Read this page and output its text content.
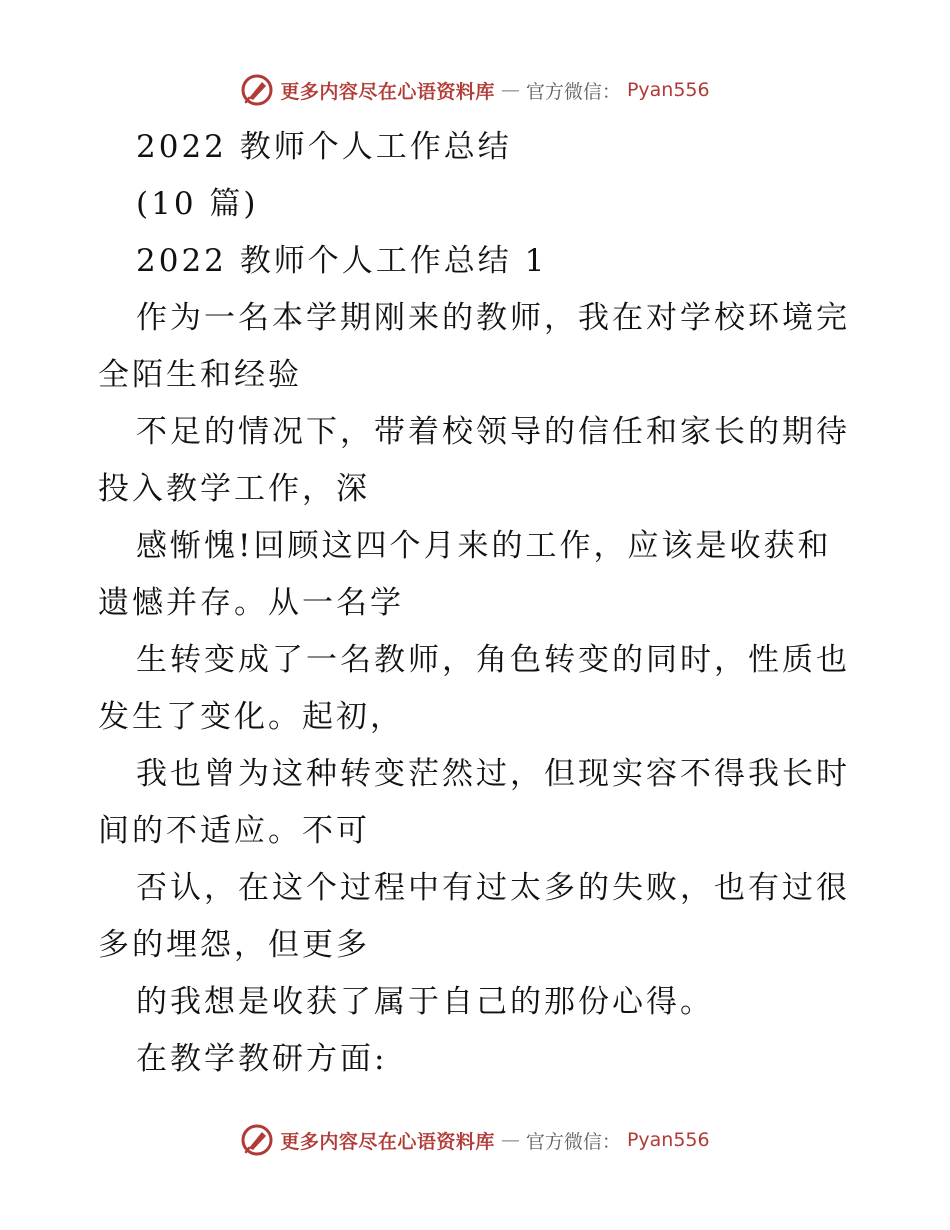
更多内容尽在心语资料库 — 官方微信： Pyan556
2022 教师个人工作总结
(10 篇)
2022 教师个人工作总结 1
作为一名本学期刚来的教师，我在对学校环境完
全陌生和经验
不足的情况下，带着校领导的信任和家长的期待
投入教学工作，深
感惭愧!回顾这四个月来的工作，应该是收获和
遗憾并存。从一名学
生转变成了一名教师，角色转变的同时，性质也
发生了变化。起初，
我也曾为这种转变茫然过，但现实容不得我长时
间的不适应。不可
否认，在这个过程中有过太多的失败，也有过很
多的埋怨，但更多
的我想是收获了属于自己的那份心得。
在教学教研方面:
更多内容尽在心语资料库 — 官方微信： Pyan556
